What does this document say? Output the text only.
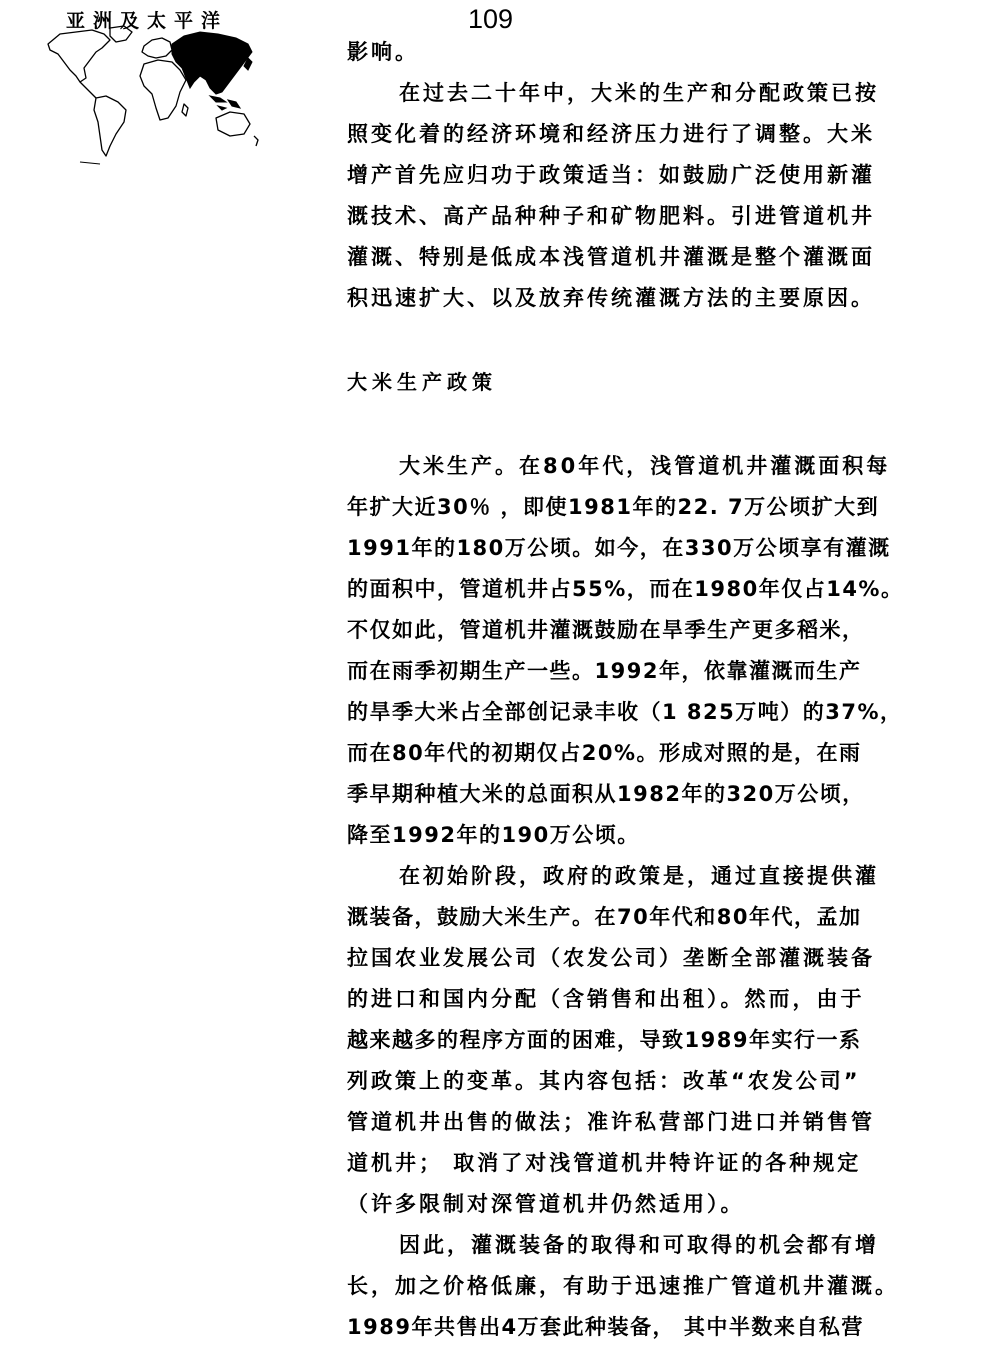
亚洲及太平洋	109
影响。
在过去二十年中，大米的生产和分配政策已按
照变化着的经济环境和经济压力进行了调整。大米
增产首先应归功于政策适当：如鼓励广泛使用新灌
溉技术、高产品种种子和矿物肥料。引进管道机井
灌溉、特别是低成本浅管道机井灌溉是整个灌溉面
积迅速扩大、以及放弃传统灌溉方法的主要原因。
大米生产政策
大米生产。在80年代，浅管道机井灌溉面积每
年扩大近30％ ，即使1981年的22. 7万公顷扩大到
1991年的180万公顷。如今，在330万公顷享有灌溉
的面积中，管道机井占55%，而在1980年仅占14%。
不仅如此，管道机井灌溉鼓励在旱季生产更多稻米，
而在雨季初期生产一些。1992年，依靠灌溉而生产
的旱季大米占全部创记录丰收（1 825万吨）的37%，
而在80年代的初期仅占20%。形成对照的是，在雨
季早期种植大米的总面积从1982年的320万公顷，
降至1992年的190万公顷。
在初始阶段，政府的政策是，通过直接提供灌
溉装备，鼓励大米生产。在70年代和80年代，孟加
拉国农业发展公司（农发公司）垄断全部灌溉装备
的进口和国内分配（含销售和出租）。然而，由于
越来越多的程序方面的困难，导致1989年实行一系
列政策上的变革。其内容包括：改革“农发公司”
管道机井出售的做法；准许私营部门进口并销售管
道机井； 取消了对浅管道机井特许证的各种规定
（许多限制对深管道机井仍然适用）。
因此，灌溉装备的取得和可取得的机会都有增
长，加之价格低廉，有助于迅速推广管道机井灌溉。
1989年共售出4万套此种装备， 其中半数来自私营
